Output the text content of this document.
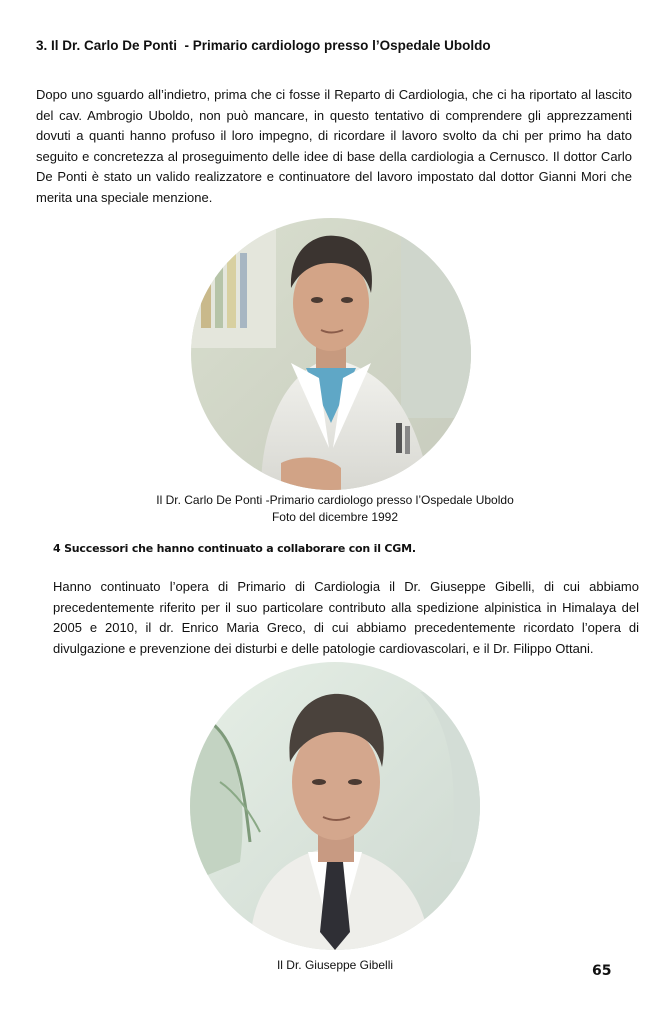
3. Il Dr. Carlo De Ponti  - Primario cardiologo presso l’Ospedale Uboldo
Dopo uno sguardo all’indietro, prima che ci fosse il Reparto di Cardiologia, che ci ha riportato al lascito del cav. Ambrogio Uboldo, non può mancare, in questo tentativo di comprendere gli apprezzamenti dovuti a quanti hanno profuso il loro impegno, di ricordare il lavoro svolto da chi per primo ha dato seguito e concretezza al proseguimento delle idee di base della cardiologia a Cernusco. Il dottor Carlo De Ponti è stato un valido realizzatore e continuatore del lavoro impostato dal dottor Gianni Mori che merita una speciale menzione.
Il Dr. Carlo De Ponti -Primario cardiologo presso l’Ospedale Uboldo
Foto del dicembre 1992
4 Successori che hanno continuato a collaborare con il CGM.
Hanno continuato l’opera di Primario di Cardiologia il Dr. Giuseppe Gibelli, di cui abbiamo precedentemente riferito per il suo particolare contributo alla spedizione alpinistica in Himalaya del 2005 e 2010, il dr. Enrico Maria Greco, di cui abbiamo precedentemente ricordato l’opera di divulgazione e prevenzione dei disturbi e delle patologie cardiovascolari, e il Dr. Filippo Ottani.
Il Dr. Giuseppe Gibelli	65
